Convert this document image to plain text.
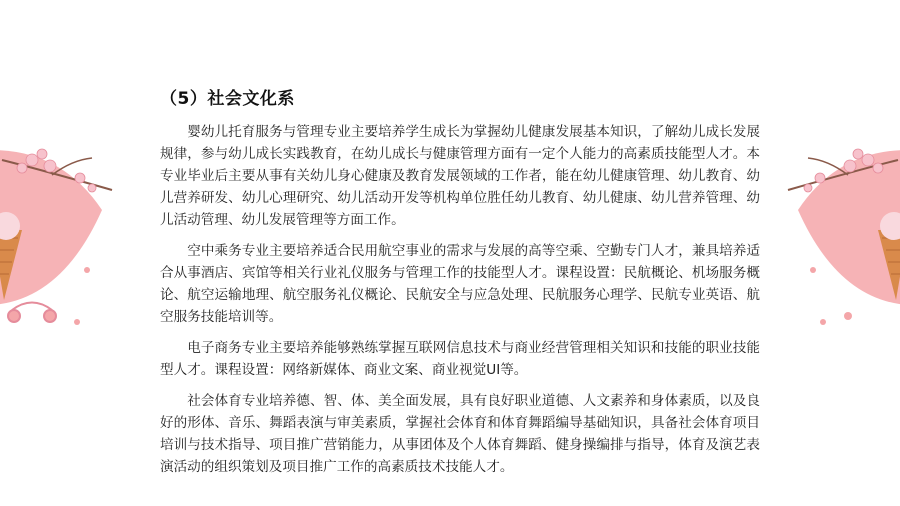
（5）社会文化系

婴幼儿托育服务与管理专业主要培养学生成长为掌握幼儿健康发展基本知识，了解幼儿成长发展规律，参与幼儿成长实践教育，在幼儿成长与健康管理方面有一定个人能力的高素质技能型人才。本专业毕业后主要从事有关幼儿身心健康及教育发展领域的工作者，能在幼儿健康管理、幼儿教育、幼儿营养研发、幼儿心理研究、幼儿活动开发等机构单位胜任幼儿教育、幼儿健康、幼儿营养管理、幼儿活动管理、幼儿发展管理等方面工作。

空中乘务专业主要培养适合民用航空事业的需求与发展的高等空乘、空勤专门人才，兼具培养适合从事酒店、宾馆等相关行业礼仪服务与管理工作的技能型人才。课程设置：民航概论、机场服务概论、航空运输地理、航空服务礼仪概论、民航安全与应急处理、民航服务心理学、民航专业英语、航空服务技能培训等。

电子商务专业主要培养能够熟练掌握互联网信息技术与商业经营管理相关知识和技能的职业技能型人才。课程设置：网络新媒体、商业文案、商业视觉UI等。

社会体育专业培养德、智、体、美全面发展，具有良好职业道德、人文素养和身体素质，以及良好的形体、音乐、舞蹈表演与审美素质，掌握社会体育和体育舞蹈编导基础知识，具备社会体育项目培训与技术指导、项目推广营销能力，从事团体及个人体育舞蹈、健身操编排与指导，体育及演艺表演活动的组织策划及项目推广工作的高素质技术技能人才。
